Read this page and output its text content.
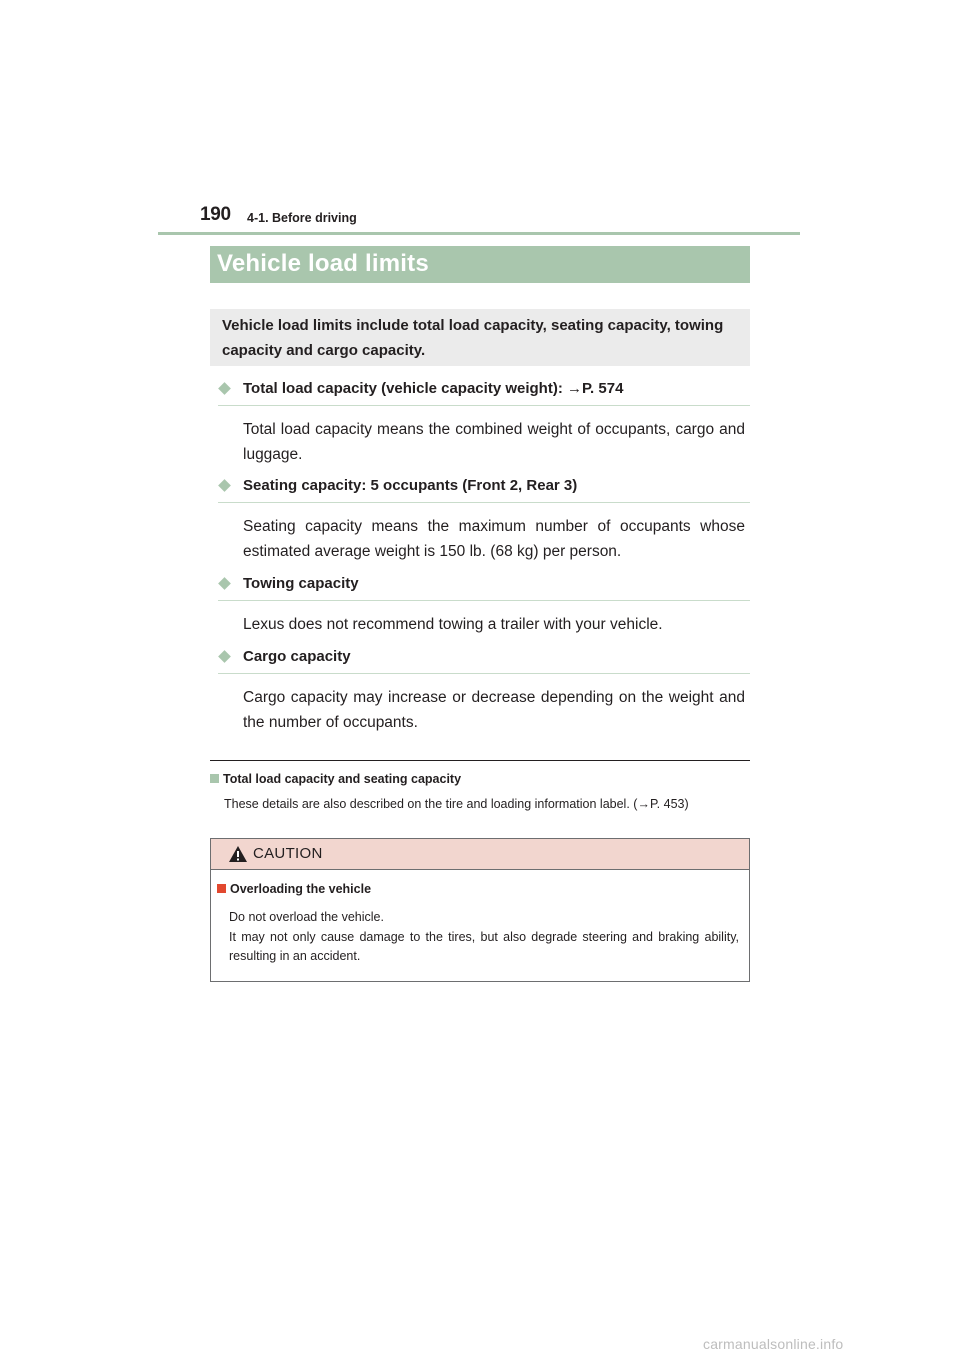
190 4-1. Before driving
Vehicle load limits
Vehicle load limits include total load capacity, seating capacity, towing capacity and cargo capacity.
Total load capacity (vehicle capacity weight): →P. 574
Total load capacity means the combined weight of occupants, cargo and luggage.
Seating capacity: 5 occupants (Front 2, Rear 3)
Seating capacity means the maximum number of occupants whose estimated average weight is 150 lb. (68 kg) per person.
Towing capacity
Lexus does not recommend towing a trailer with your vehicle.
Cargo capacity
Cargo capacity may increase or decrease depending on the weight and the number of occupants.
Total load capacity and seating capacity
These details are also described on the tire and loading information label. (→P. 453)
CAUTION
Overloading the vehicle
Do not overload the vehicle.
It may not only cause damage to the tires, but also degrade steering and braking ability, resulting in an accident.
carmanualsonline.info
